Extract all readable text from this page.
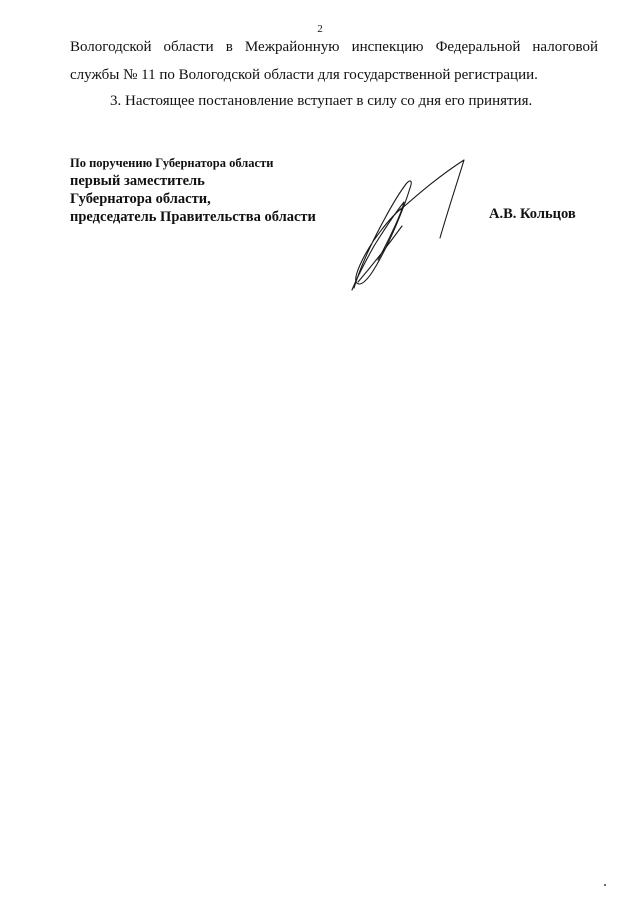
2
Вологодской области в Межрайонную инспекцию Федеральной налоговой
службы № 11 по Вологодской области для государственной регистрации.
3. Настоящее постановление вступает в силу со дня его принятия.
По поручению Губернатора области
первый заместитель
Губернатора области,
председатель Правительства области	А.В. Кольцов
